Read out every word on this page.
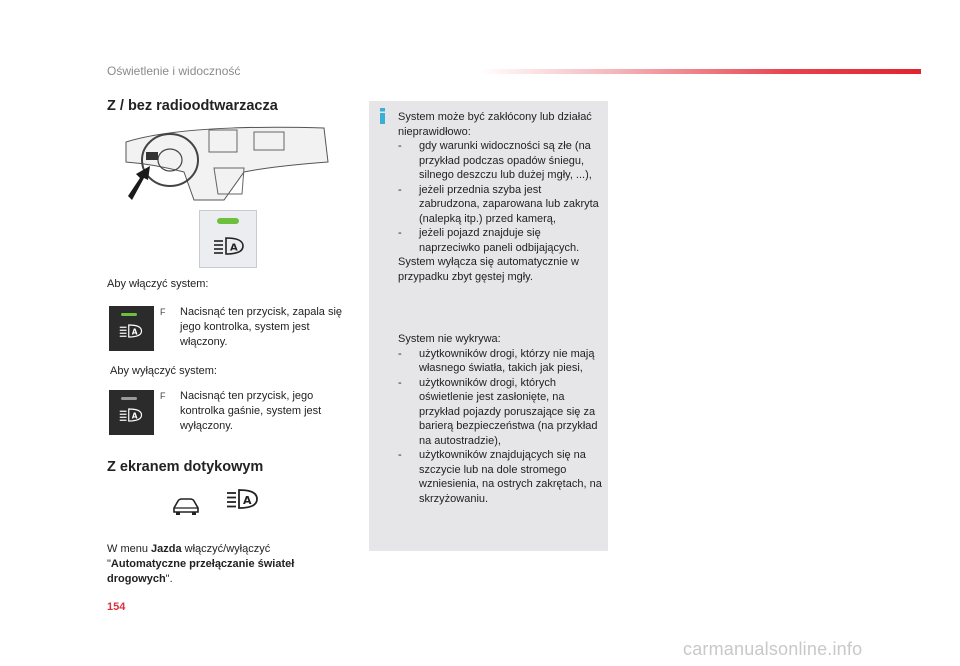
Oświetlenie i widoczność
Z / bez radioodtwarzacza
A
Aby włączyć system:
A
F Nacisnąć ten przycisk, zapala się jego kontrolka, system jest włączony.
Aby wyłączyć system:
A
F Nacisnąć ten przycisk, jego kontrolka gaśnie, system jest wyłączony.
Z ekranem dotykowym
A
W menu Jazda włączyć/wyłączyć
"Automatyczne przełączanie świateł drogowych".
154
System może być zakłócony lub działać nieprawidłowo:
- gdy warunki widoczności są złe (na przykład podczas opadów śniegu, silnego deszczu lub dużej mgły, ...),
- jeżeli przednia szyba jest zabrudzona, zaparowana lub zakryta (nalepką itp.) przed kamerą,
- jeżeli pojazd znajduje się naprzeciwko paneli odbijających.
System wyłącza się automatycznie w przypadku zbyt gęstej mgły.
System nie wykrywa:
- użytkowników drogi, którzy nie mają własnego światła, takich jak piesi,
- użytkowników drogi, których oświetlenie jest zasłonięte, na przykład pojazdy poruszające się za barierą bezpieczeństwa (na przykład na autostradzie),
- użytkowników znajdujących się na szczycie lub na dole stromego wzniesienia, na ostrych zakrętach, na skrzyżowaniu.
carmanualsonline.info
